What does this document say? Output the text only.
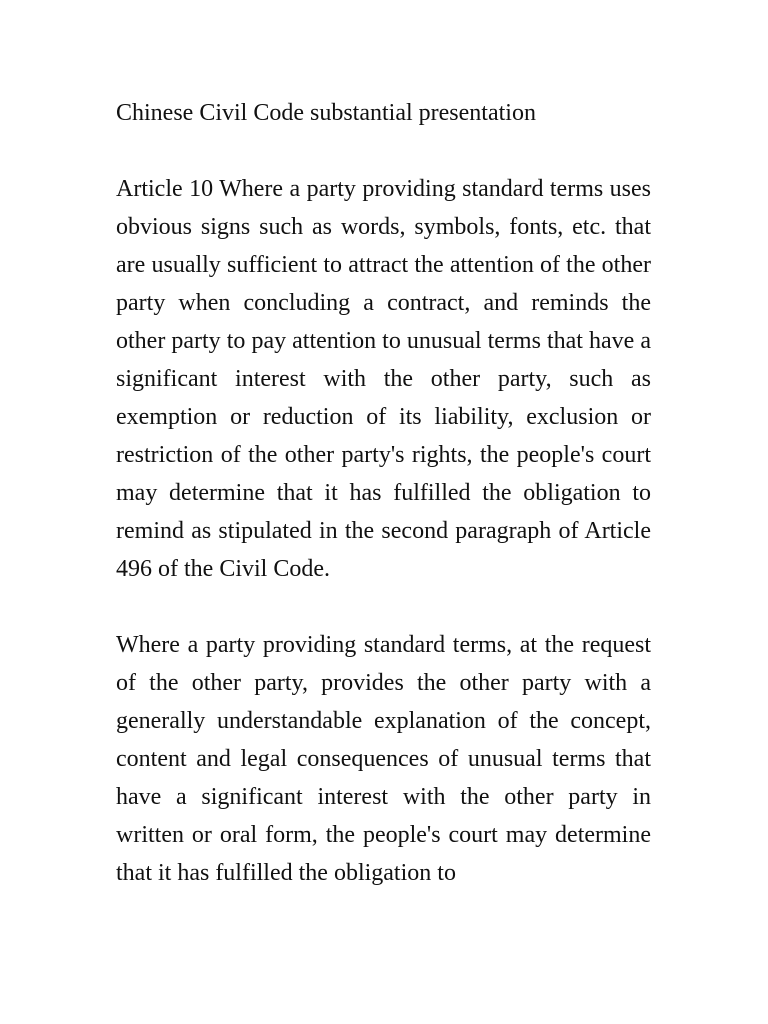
Chinese Civil Code substantial presentation

Article 10 Where a party providing standard terms uses obvious signs such as words, symbols, fonts, etc. that are usually sufficient to attract the attention of the other party when concluding a contract, and reminds the other party to pay attention to unusual terms that have a significant interest with the other party, such as exemption or reduction of its liability, exclusion or restriction of the other party's rights, the people's court may determine that it has fulfilled the obligation to remind as stipulated in the second paragraph of Article 496 of the Civil Code.

Where a party providing standard terms, at the request of the other party, provides the other party with a generally understandable explanation of the concept, content and legal consequences of unusual terms that have a significant interest with the other party in written or oral form, the people's court may determine that it has fulfilled the obligation to
